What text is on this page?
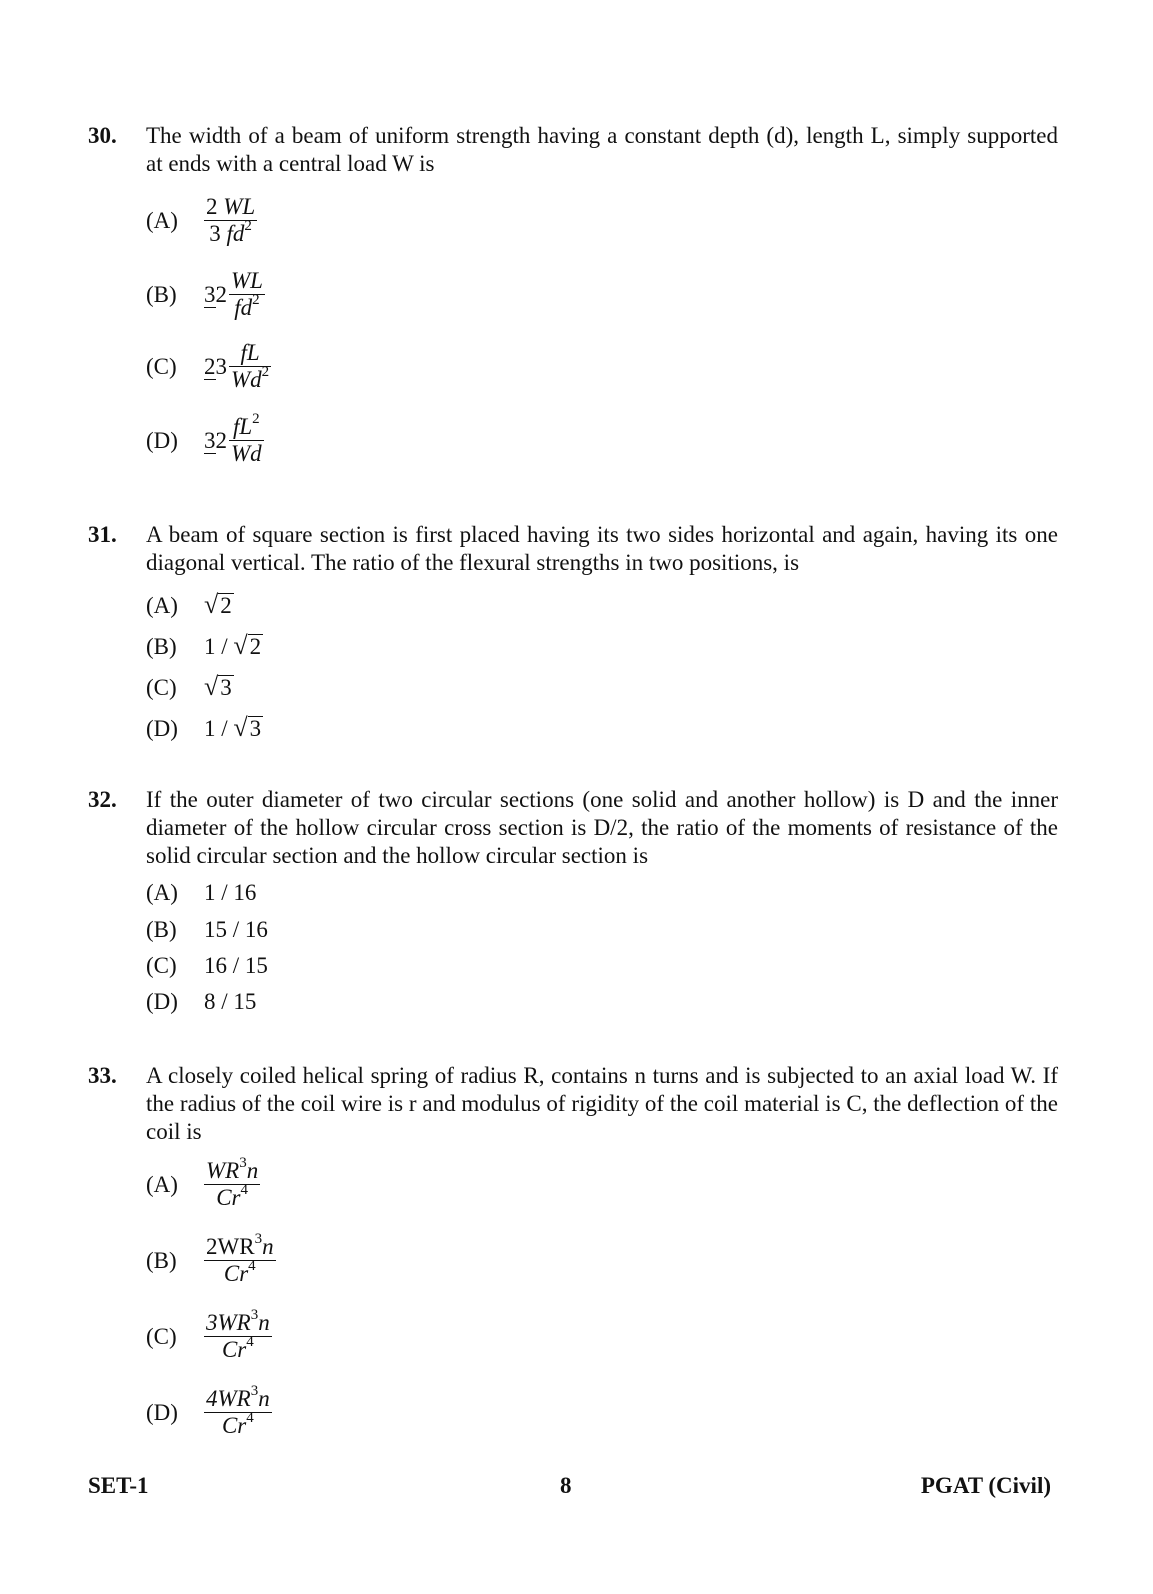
30. The width of a beam of uniform strength having a constant depth (d), length L, simply supported at ends with a central load W is
$(A) \frac{2 WL}{3 fd^2}$
(B) $32 \frac{WL}{fd^2}$
(C) $23 \frac{fL}{Wd^2}$
(D) $32 \frac{fL^2}{Wd}$
31. A beam of square section is first placed having its two sides horizontal and again, having its one diagonal vertical. The ratio of the flexural strengths in two positions, is
(A) √2
(B) 1 / √2
(C) √3
(D) 1 / √3
32. If the outer diameter of two circular sections (one solid and another hollow) is D and the inner diameter of the hollow circular cross section is D/2, the ratio of the moments of resistance of the solid circular section and the hollow circular section is
(A) 1 / 16
(B) 15 / 16
(C) 16 / 15
(D) 8 / 15
33. A closely coiled helical spring of radius R, contains n turns and is subjected to an axial load W. If the radius of the coil wire is r and modulus of rigidity of the coil material is C, the deflection of the coil is
$(A) \frac{WR^3n}{Cr^4}$
$(B) \frac{2WR^3n}{Cr^4}$
$(C) \frac{3WR^3n}{Cr^4}$
$(D) \frac{4WR^3n}{Cr^4}$
SET-1	8	PGAT (Civil)
